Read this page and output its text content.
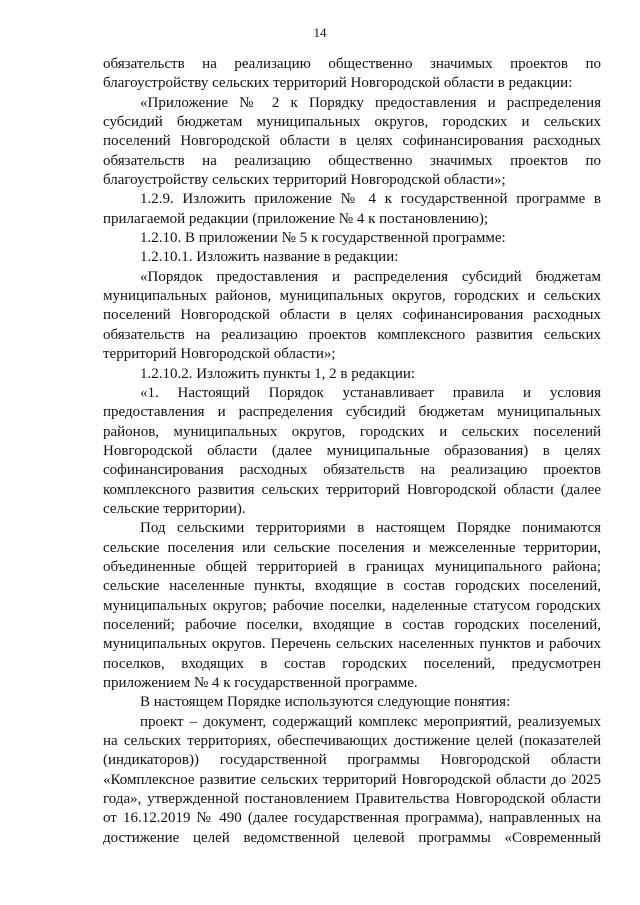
14

обязательств на реализацию общественно значимых проектов по благоустройству сельских территорий Новгородской области в редакции:

«Приложение № 2 к Порядку предоставления и распределения субсидий бюджетам муниципальных округов, городских и сельских поселений Новгородской области в целях софинансирования расходных обязательств на реализацию общественно значимых проектов по благоустройству сельских территорий Новгородской области»;

1.2.9. Изложить приложение № 4 к государственной программе в прилагаемой редакции (приложение № 4 к постановлению);

1.2.10. В приложении № 5 к государственной программе:

1.2.10.1. Изложить название в редакции:

«Порядок предоставления и распределения субсидий бюджетам муниципальных районов, муниципальных округов, городских и сельских поселений Новгородской области в целях софинансирования расходных обязательств на реализацию проектов комплексного развития сельских территорий Новгородской области»;

1.2.10.2. Изложить пункты 1, 2 в редакции:

«1. Настоящий Порядок устанавливает правила и условия предоставления и распределения субсидий бюджетам муниципальных районов, муниципальных округов, городских и сельских поселений Новгородской области (далее муниципальные образования) в целях софинансирования расходных обязательств на реализацию проектов комплексного развития сельских территорий Новгородской области (далее сельские территории).

Под сельскими территориями в настоящем Порядке понимаются сельские поселения или сельские поселения и межселенные территории, объединенные общей территорией в границах муниципального района; сельские населенные пункты, входящие в состав городских поселений, муниципальных округов; рабочие поселки, наделенные статусом городских поселений; рабочие поселки, входящие в состав городских поселений, муниципальных округов. Перечень сельских населенных пунктов и рабочих поселков, входящих в состав городских поселений, предусмотрен приложением № 4 к государственной программе.

В настоящем Порядке используются следующие понятия:

проект – документ, содержащий комплекс мероприятий, реализуемых на сельских территориях, обеспечивающих достижение целей (показателей (индикаторов)) государственной программы Новгородской области «Комплексное развитие сельских территорий Новгородской области до 2025 года», утвержденной постановлением Правительства Новгородской области от 16.12.2019 № 490 (далее государственная программа), направленных на достижение целей ведомственной целевой программы «Современный
